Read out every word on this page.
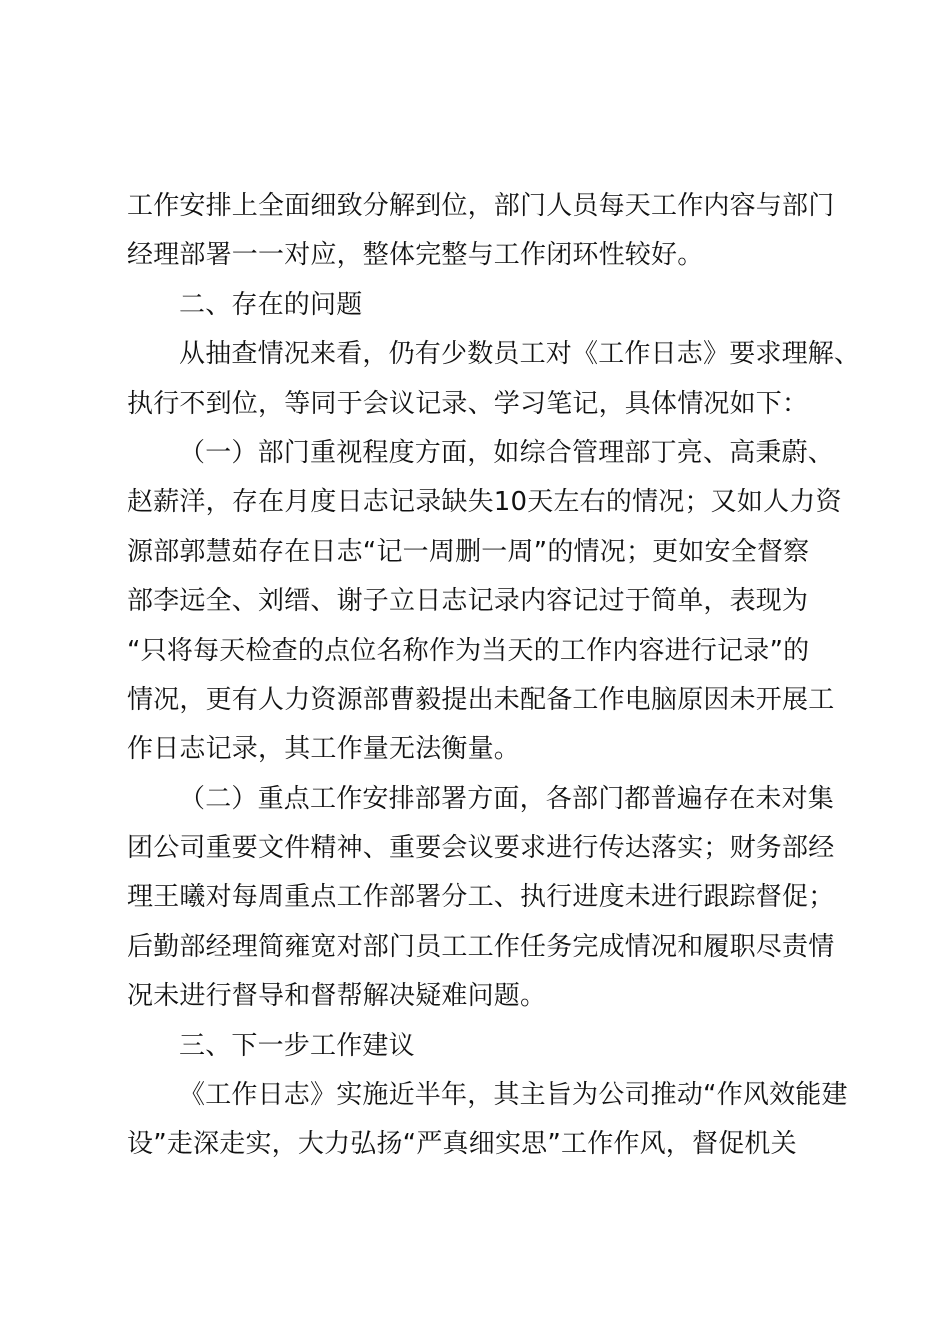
工作安排上全面细致分解到位，部门人员每天工作内容与部门
经理部署一一对应，整体完整与工作闭环性较好。
二、存在的问题
从抽查情况来看，仍有少数员工对《工作日志》要求理解、
执行不到位，等同于会议记录、学习笔记，具体情况如下：
（一）部门重视程度方面，如综合管理部丁亮、高秉蔚、
赵薪洋，存在月度日志记录缺失10天左右的情况；又如人力资
源部郭慧茹存在日志“记一周删一周”的情况；更如安全督察
部李远全、刘缙、谢子立日志记录内容记过于简单，表现为
“只将每天检查的点位名称作为当天的工作内容进行记录”的
情况，更有人力资源部曹毅提出未配备工作电脑原因未开展工
作日志记录，其工作量无法衡量。
（二）重点工作安排部署方面，各部门都普遍存在未对集
团公司重要文件精神、重要会议要求进行传达落实；财务部经
理王曦对每周重点工作部署分工、执行进度未进行跟踪督促；
后勤部经理简雍宽对部门员工工作任务完成情况和履职尽责情
况未进行督导和督帮解决疑难问题。
三、下一步工作建议
《工作日志》实施近半年，其主旨为公司推动“作风效能建
设”走深走实，大力弘扬“严真细实思”工作作风，督促机关
